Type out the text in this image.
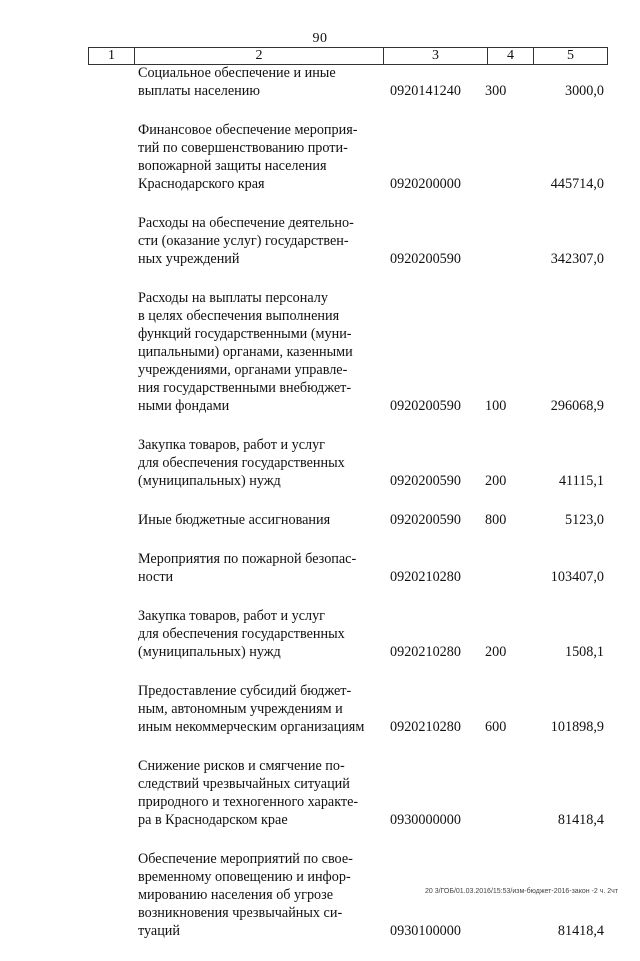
90
1	2	3	4	5
Социальное обеспечение и иные
выплаты населению	0920141240 300	3000,0
Финансовое обеспечение мероприя-
тий по совершенствованию проти-
вопожарной защиты населения
Краснодарского края	0920200000	445714,0
Расходы на обеспечение деятельно-
сти (оказание услуг) государствен-
ных учреждений	0920200590	342307,0
Расходы на выплаты персоналу
в целях обеспечения выполнения
функций государственными (муни-
ципальными) органами, казенными
учреждениями, органами управле-
ния государственными внебюджет-
ными фондами	0920200590 100	296068,9
Закупка товаров, работ и услуг
для обеспечения государственных
(муниципальных) нужд	0920200590 200	41115,1
Иные бюджетные ассигнования	0920200590 800	5123,0
Мероприятия по пожарной безопас-
ности	0920210280	103407,0
Закупка товаров, работ и услуг
для обеспечения государственных
(муниципальных) нужд	0920210280 200	1508,1
Предоставление субсидий бюджет-
ным, автономным учреждениям и
иным некоммерческим организациям	0920210280 600	101898,9
Снижение рисков и смягчение по-
следствий чрезвычайных ситуаций
природного и техногенного характе-
ра в Краснодарском крае	0930000000	81418,4
Обеспечение мероприятий по свое-
временному оповещению и инфор-
мированию населения об угрозе
возникновения чрезвычайных си-
туаций	0930100000	81418,4
20 3/ГОБ/01.03.2016/15:53/изм-бюджет-2016-закон -2 ч. 2чт
